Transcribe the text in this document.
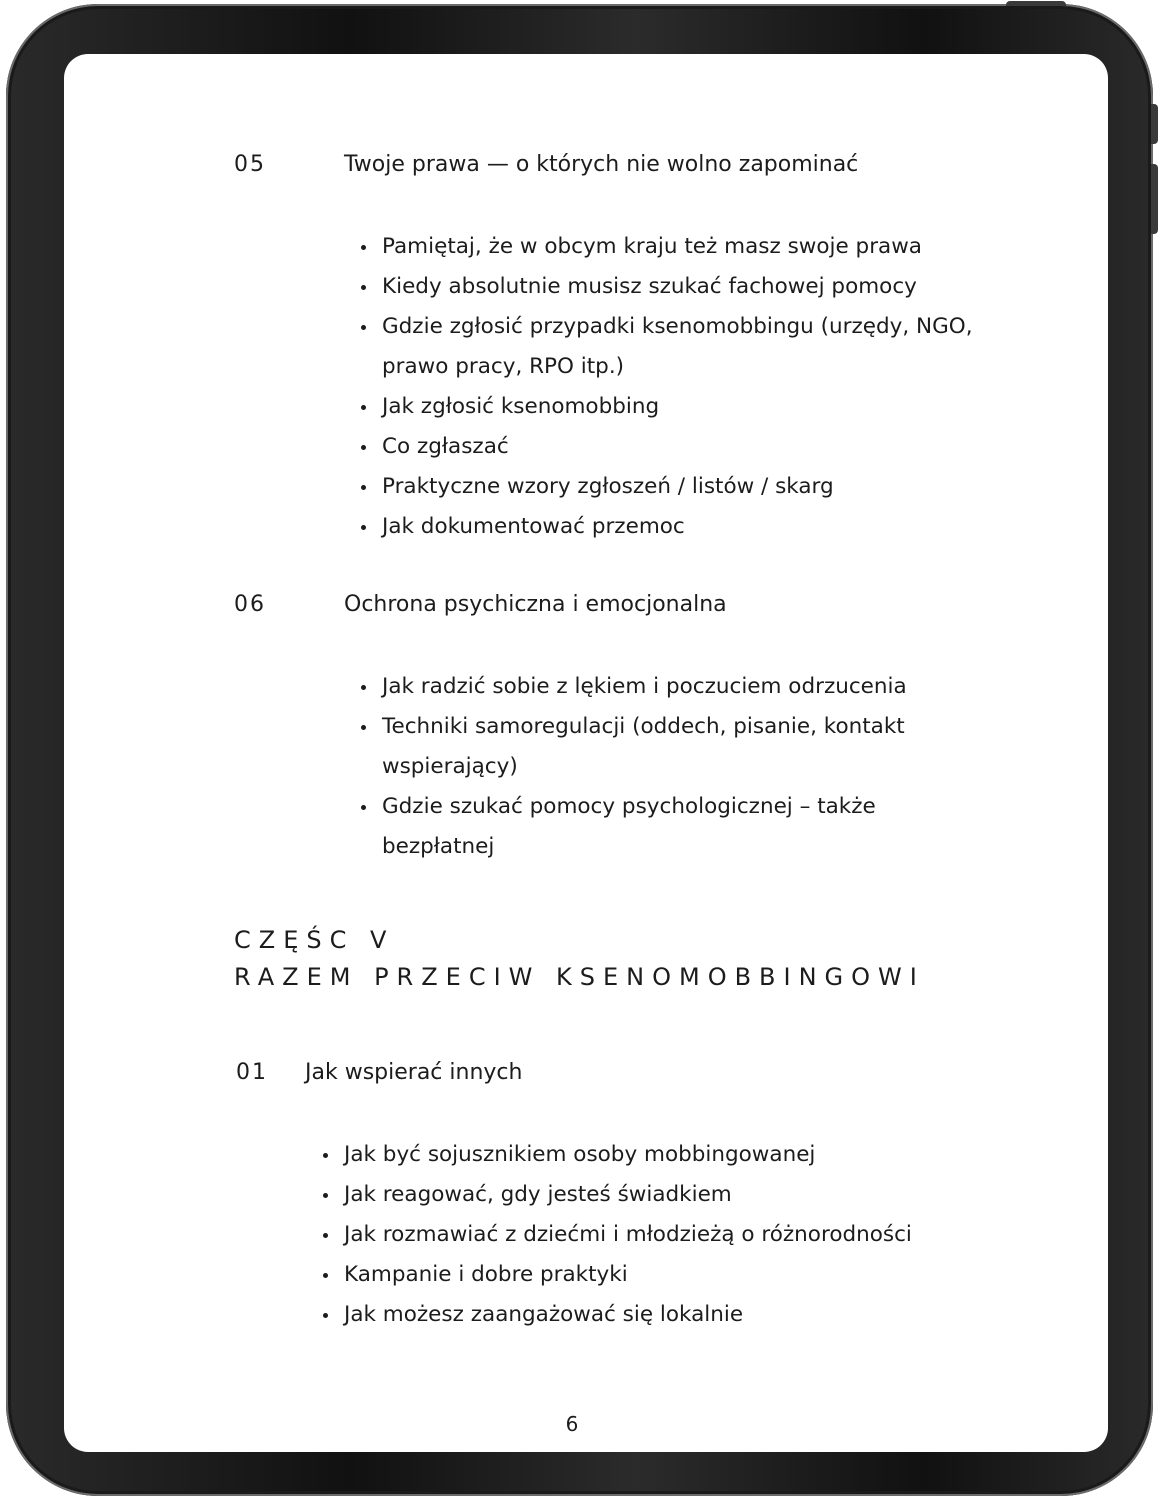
05	Twoje prawa — o których nie wolno zapominać
Pamiętaj, że w obcym kraju też masz swoje prawa
Kiedy absolutnie musisz szukać fachowej pomocy
Gdzie zgłosić przypadki ksenomobbingu (urzędy, NGO, prawo pracy, RPO itp.)
Jak zgłosić ksenomobbing
Co zgłaszać
Praktyczne wzory zgłoszeń / listów / skarg
Jak dokumentować przemoc
06	Ochrona psychiczna i emocjonalna
Jak radzić sobie z lękiem i poczuciem odrzucenia
Techniki samoregulacji (oddech, pisanie, kontakt wspierający)
Gdzie szukać pomocy psychologicznej – także bezpłatnej
CZĘŚC V
RAZEM PRZECIW KSENOMOBBINGOWI
01 Jak wspierać innych
Jak być sojusznikiem osoby mobbingowanej
Jak reagować, gdy jesteś świadkiem
Jak rozmawiać z dziećmi i młodzieżą o różnorodności
Kampanie i dobre praktyki
Jak możesz zaangażować się lokalnie
6
